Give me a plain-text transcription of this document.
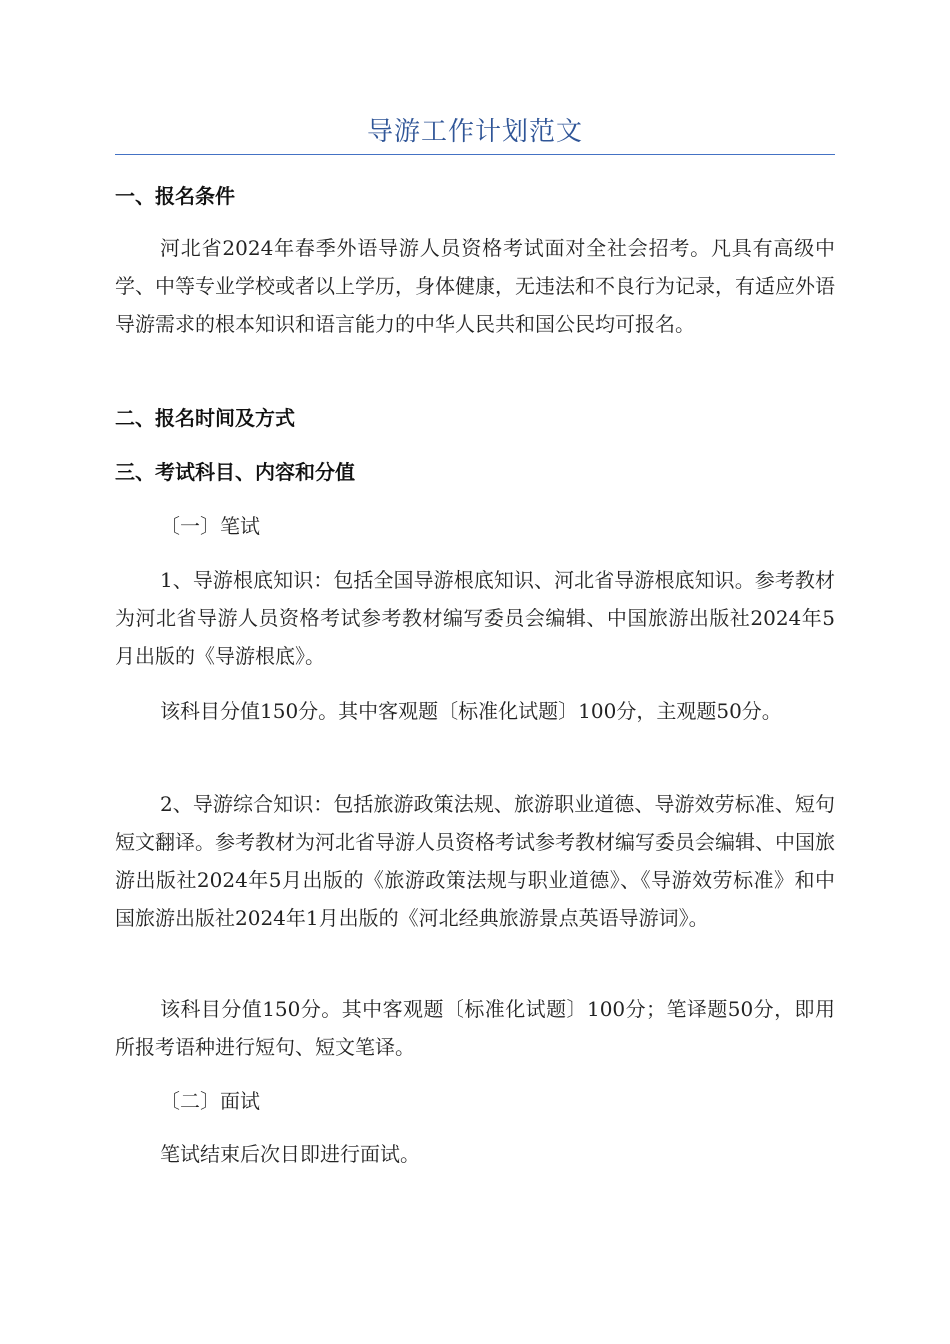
导游工作计划范文
一、报名条件
河北省2024年春季外语导游人员资格考试面对全社会招考。凡具有高级中学、中等专业学校或者以上学历，身体健康，无违法和不良行为记录，有适应外语导游需求的根本知识和语言能力的中华人民共和国公民均可报名。
二、报名时间及方式
三、考试科目、内容和分值
〔一〕笔试
1、导游根底知识：包括全国导游根底知识、河北省导游根底知识。参考教材为河北省导游人员资格考试参考教材编写委员会编辑、中国旅游出版社2024年5月出版的《导游根底》。
该科目分值150分。其中客观题〔标准化试题〕100分，主观题50分。
2、导游综合知识：包括旅游政策法规、旅游职业道德、导游效劳标准、短句短文翻译。参考教材为河北省导游人员资格考试参考教材编写委员会编辑、中国旅游出版社2024年5月出版的《旅游政策法规与职业道德》、《导游效劳标准》和中国旅游出版社2024年1月出版的《河北经典旅游景点英语导游词》。
该科目分值150分。其中客观题〔标准化试题〕100分；笔译题50分，即用所报考语种进行短句、短文笔译。
〔二〕面试
笔试结束后次日即进行面试。
